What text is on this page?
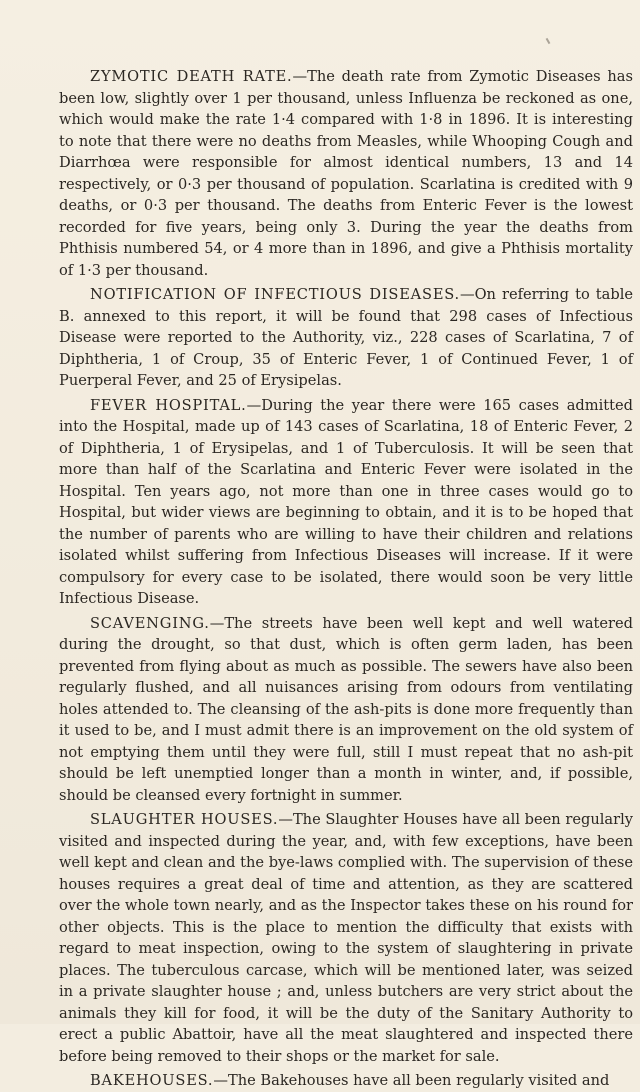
ZYMOTIC DEATH RATE.—The death rate from Zymotic Diseases has been low, slightly over 1 per thousand, unless Influenza be reckoned as one, which would make the rate 1·4 compared with 1·8 in 1896. It is interesting to note that there were no deaths from Measles, while Whooping Cough and Diarrhœa were responsible for almost identical numbers, 13 and 14 respectively, or 0·3 per thousand of population. Scarlatina is credited with 9 deaths, or 0·3 per thousand. The deaths from Enteric Fever is the lowest recorded for five years, being only 3. During the year the deaths from Phthisis numbered 54, or 4 more than in 1896, and give a Phthisis mortality of 1·3 per thousand.

NOTIFICATION OF INFECTIOUS DISEASES.—On referring to table B. annexed to this report, it will be found that 298 cases of Infectious Disease were reported to the Authority, viz., 228 cases of Scarlatina, 7 of Diphtheria, 1 of Croup, 35 of Enteric Fever, 1 of Continued Fever, 1 of Puerperal Fever, and 25 of Erysipelas.

FEVER HOSPITAL.—During the year there were 165 cases admitted into the Hospital, made up of 143 cases of Scarlatina, 18 of Enteric Fever, 2 of Diphtheria, 1 of Erysipelas, and 1 of Tuberculosis. It will be seen that more than half of the Scarlatina and Enteric Fever were isolated in the Hospital. Ten years ago, not more than one in three cases would go to Hospital, but wider views are beginning to obtain, and it is to be hoped that the number of parents who are willing to have their children and relations isolated whilst suffering from Infectious Diseases will increase. If it were compulsory for every case to be isolated, there would soon be very little Infectious Disease.

SCAVENGING.—The streets have been well kept and well watered during the drought, so that dust, which is often germ laden, has been prevented from flying about as much as possible. The sewers have also been regularly flushed, and all nuisances arising from odours from ventilating holes attended to. The cleansing of the ash-pits is done more frequently than it used to be, and I must admit there is an improvement on the old system of not emptying them until they were full, still I must repeat that no ash-pit should be left unemptied longer than a month in winter, and, if possible, should be cleansed every fortnight in summer.

SLAUGHTER HOUSES.—The Slaughter Houses have all been regularly visited and inspected during the year, and, with few exceptions, have been well kept and clean and the bye-laws complied with. The supervision of these houses requires a great deal of time and attention, as they are scattered over the whole town nearly, and as the Inspector takes these on his round for other objects. This is the place to mention the difficulty that exists with regard to meat inspection, owing to the system of slaughtering in private places. The tuberculous carcase, which will be mentioned later, was seized in a private slaughter house ; and, unless butchers are very strict about the animals they kill for food, it will be the duty of the Sanitary Authority to erect a public Abattoir, have all the meat slaughtered and inspected there before being removed to their shops or the market for sale.

BAKEHOUSES.—The Bakehouses have all been regularly visited and
